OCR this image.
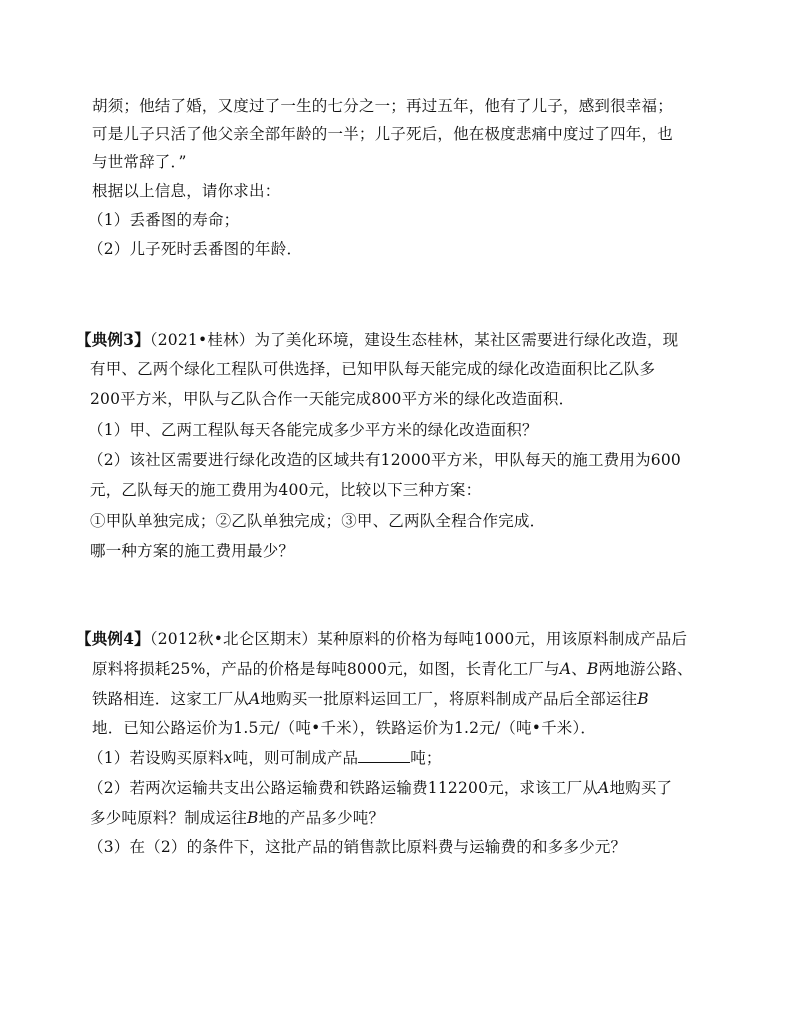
胡须；他结了婚，又度过了一生的七分之一；再过五年，他有了儿子，感到很幸福；
可是儿子只活了他父亲全部年龄的一半；儿子死后，他在极度悲痛中度过了四年，也
与世常辞了．”
根据以上信息，请你求出：
（1）丢番图的寿命；
（2）儿子死时丢番图的年龄．
【典例3】（2021•桂林）为了美化环境，建设生态桂林，某社区需要进行绿化改造，现
有甲、乙两个绿化工程队可供选择，已知甲队每天能完成的绿化改造面积比乙队多
200平方米，甲队与乙队合作一天能完成800平方米的绿化改造面积．
（1）甲、乙两工程队每天各能完成多少平方米的绿化改造面积？
（2）该社区需要进行绿化改造的区域共有12000平方米，甲队每天的施工费用为600
元，乙队每天的施工费用为400元，比较以下三种方案：
①甲队单独完成；②乙队单独完成；③甲、乙两队全程合作完成．
哪一种方案的施工费用最少？
【典例4】（2012秋•北仑区期末）某种原料的价格为每吨1000元，用该原料制成产品后
原料将损耗25%，产品的价格是每吨8000元，如图，长青化工厂与A、B两地游公路、
铁路相连．这家工厂从A地购买一批原料运回工厂，将原料制成产品后全部运往B
地．已知公路运价为1.5元/（吨•千米），铁路运价为1.2元/（吨•千米）．
（1）若设购买原料x吨，则可制成产品	吨；
（2）若两次运输共支出公路运输费和铁路运输费112200元，求该工厂从A地购买了
多少吨原料？制成运往B地的产品多少吨？
（3）在（2）的条件下，这批产品的销售款比原料费与运输费的和多多少元？
